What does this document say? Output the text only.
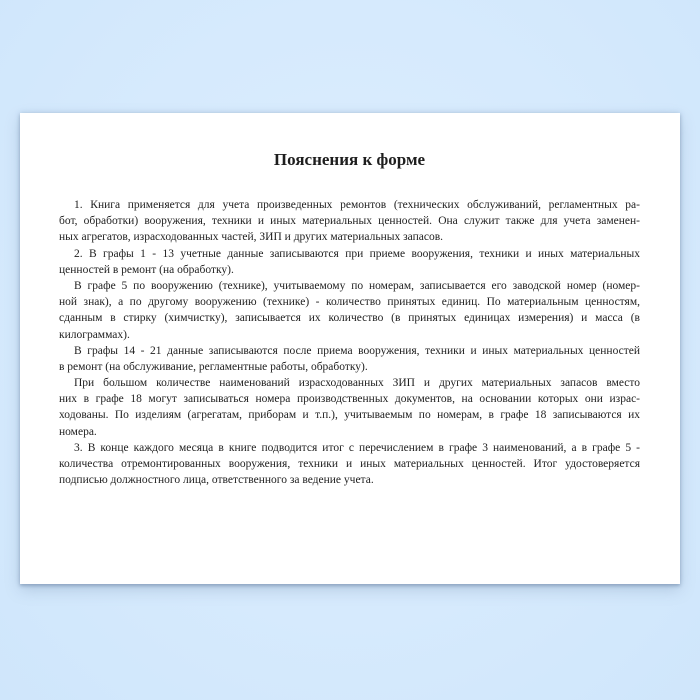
Пояснения к форме
1. Книга применяется для учета произведенных ремонтов (технических обслуживаний, регламентных ра-
бот, обработки) вооружения, техники и иных материальных ценностей. Она служит также для учета заменен-
ных агрегатов, израсходованных частей, ЗИП и других материальных запасов.
2. В графы 1 - 13 учетные данные записываются при приеме вооружения, техники и иных материальных
ценностей в ремонт (на обработку).
В графе 5 по вооружению (технике), учитываемому по номерам, записывается его заводской номер (номер-
ной знак), а по другому вооружению (технике) - количество принятых единиц. По материальным ценностям,
сданным в стирку (химчистку), записывается их количество (в принятых единицах измерения) и масса (в
килограммах).
В графы 14 - 21 данные записываются после приема вооружения, техники и иных материальных ценностей
в ремонт (на обслуживание, регламентные работы, обработку).
При большом количестве наименований израсходованных ЗИП и других материальных запасов вместо
них в графе 18 могут записываться номера производственных документов, на основании которых они израс-
ходованы. По изделиям (агрегатам, приборам и т.п.), учитываемым по номерам, в графе 18 записываются их
номера.
3. В конце каждого месяца в книге подводится итог с перечислением в графе 3 наименований, а в графе 5 -
количества отремонтированных вооружения, техники и иных материальных ценностей. Итог удостоверяется
подписью должностного лица, ответственного за ведение учета.
